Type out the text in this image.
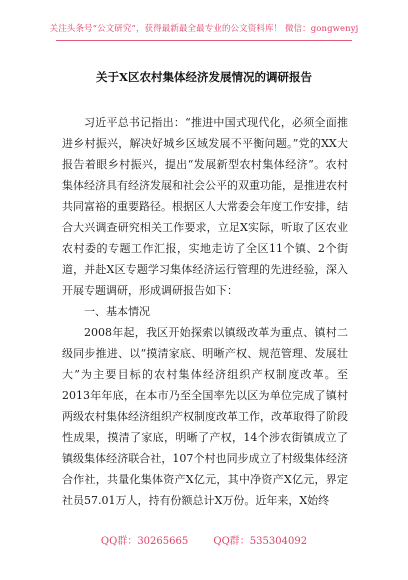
关注头条号“公文研究”，获得最新最全最专业的公文资料库！ 微信：gongwenyj
关于X区农村集体经济发展情况的调研报告

习近平总书记指出：“推进中国式现代化，必须全面推进乡村振兴，解决好城乡区域发展不平衡问题。”党的XX大报告着眼乡村振兴，提出“发展新型农村集体经济”。农村集体经济具有经济发展和社会公平的双重功能，是推进农村共同富裕的重要路径。根据区人大常委会年度工作安排，结合大兴调查研究相关工作要求，立足X实际，听取了区农业农村委的专题工作汇报，实地走访了全区11个镇、2个街道，并赴X区专题学习集体经济运行管理的先进经验，深入开展专题调研，形成调研报告如下：

一、基本情况

2008年起，我区开始探索以镇级改革为重点、镇村二级同步推进、以“摸清家底、明晰产权、规范管理、发展壮大”为主要目标的农村集体经济组织产权制度改革。至2013年年底，在本市乃至全国率先以区为单位完成了镇村两级农村集体经济组织产权制度改革工作，改革取得了阶段性成果，摸清了家底，明晰了产权，14个涉农街镇成立了镇级集体经济联合社，107个村也同步成立了村级集体经济合作社，共量化集体资产X亿元，其中净资产X亿元，界定社员57.01万人，持有份额总计X万份。近年来，X始终

QQ群：30265665	QQ群：535304092
